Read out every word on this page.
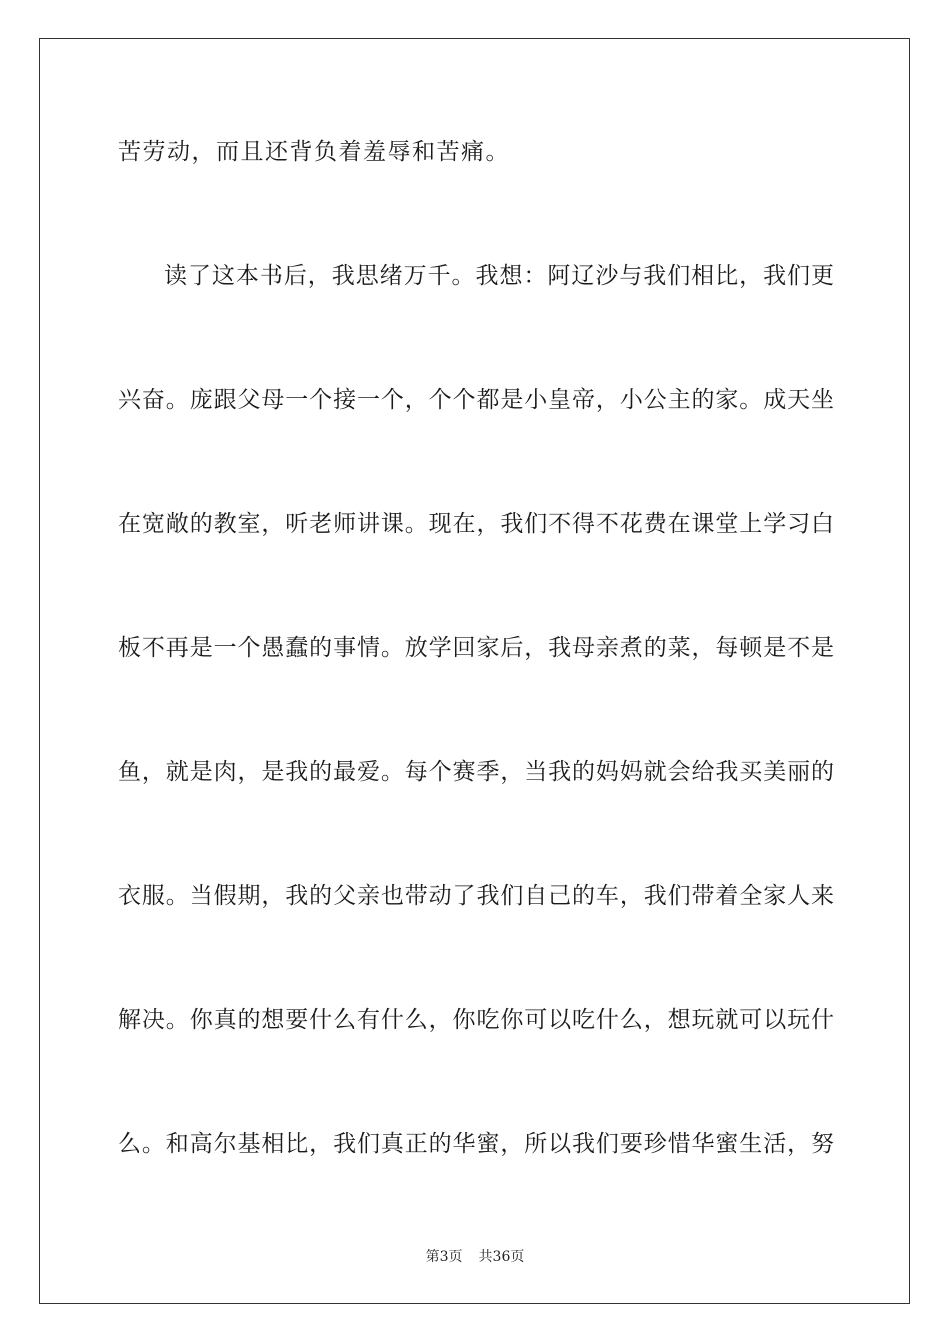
苦劳动，而且还背负着羞辱和苦痛。
读了这本书后，我思绪万千。我想：阿辽沙与我们相比，我们更
兴奋。庞跟父母一个接一个，个个都是小皇帝，小公主的家。成天坐
在宽敞的教室，听老师讲课。现在，我们不得不花费在课堂上学习白
板不再是一个愚蠢的事情。放学回家后，我母亲煮的菜，每顿是不是
鱼，就是肉，是我的最爱。每个赛季，当我的妈妈就会给我买美丽的
衣服。当假期，我的父亲也带动了我们自己的车，我们带着全家人来
解决。你真的想要什么有什么，你吃你可以吃什么，想玩就可以玩什
么。和高尔基相比，我们真正的华蜜，所以我们要珍惜华蜜生活，努
第3页 共36页
